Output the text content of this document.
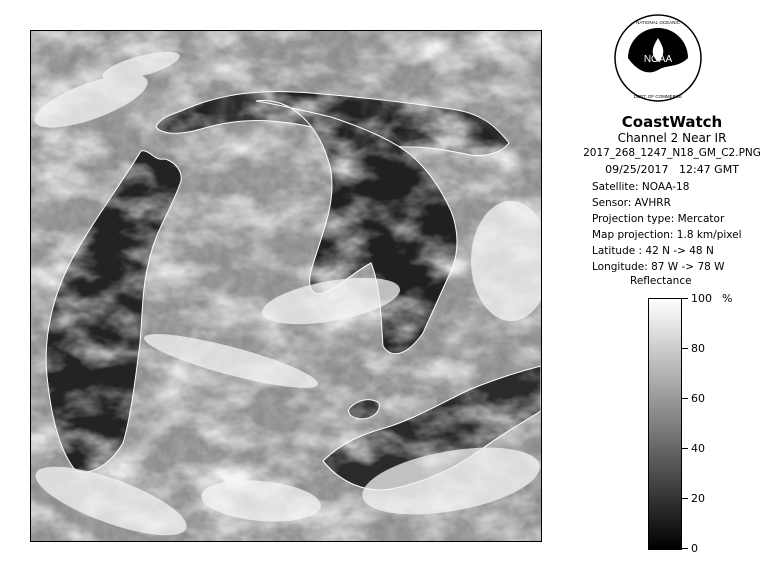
NOAA
NATIONAL OCEANIC
DEPT. OF COMMERCE
CoastWatch
Channel 2 Near IR
2017_268_1247_N18_GM_C2.PNG
09/25/2017 12:47 GMT
Satellite: NOAA-18
Sensor: AVHRR
Projection type: Mercator
Map projection: 1.8 km/pixel
Latitude : 42 N -> 48 N
Longitude: 87 W -> 78 W
Reflectance
%
100
80
60
40
20
0
